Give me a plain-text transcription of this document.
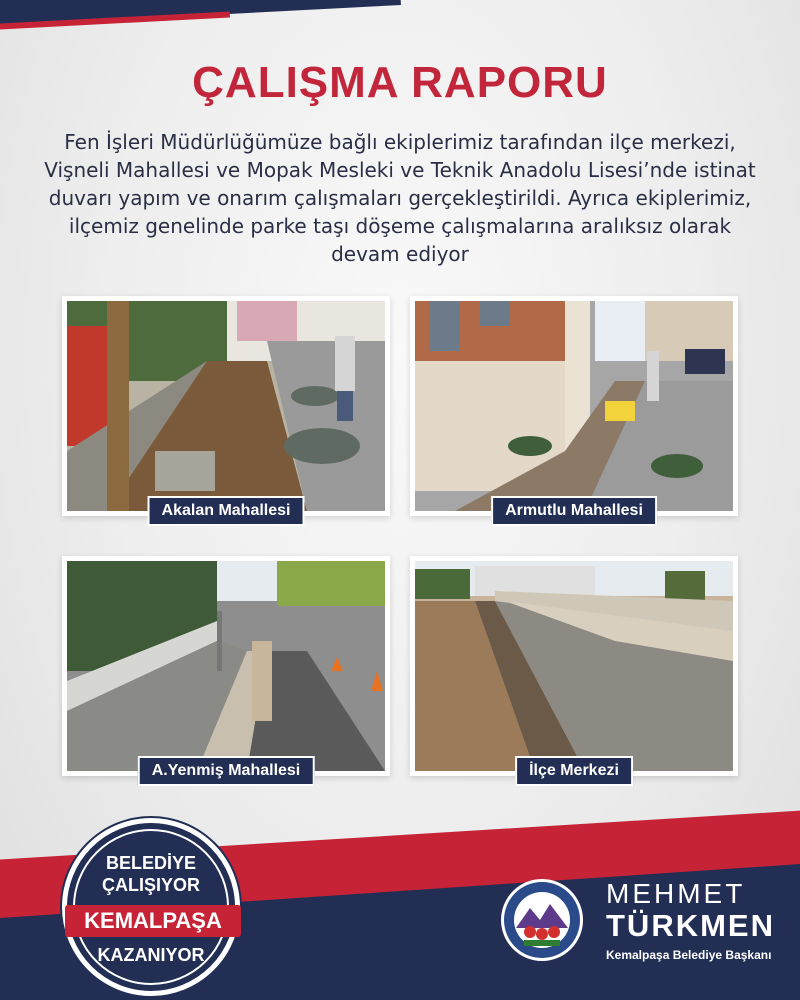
ÇALIŞMA RAPORU
Fen İşleri Müdürlüğümüze bağlı ekiplerimiz tarafından ilçe merkezi, Vişneli Mahallesi ve Mopak Mesleki ve Teknik Anadolu Lisesi’nde istinat duvarı yapım ve onarım çalışmaları gerçekleştirildi. Ayrıca ekiplerimiz, ilçemiz genelinde parke taşı döşeme çalışmalarına aralıksız olarak devam ediyor
Akalan Mahallesi	Armutlu Mahallesi
A.Yenmiş Mahallesi	İlçe Merkezi
BELEDİYE
ÇALIŞIYOR
KEMALPAŞA
KAZANIYOR
MEHMET
TÜRKMEN
Kemalpaşa Belediye Başkanı
